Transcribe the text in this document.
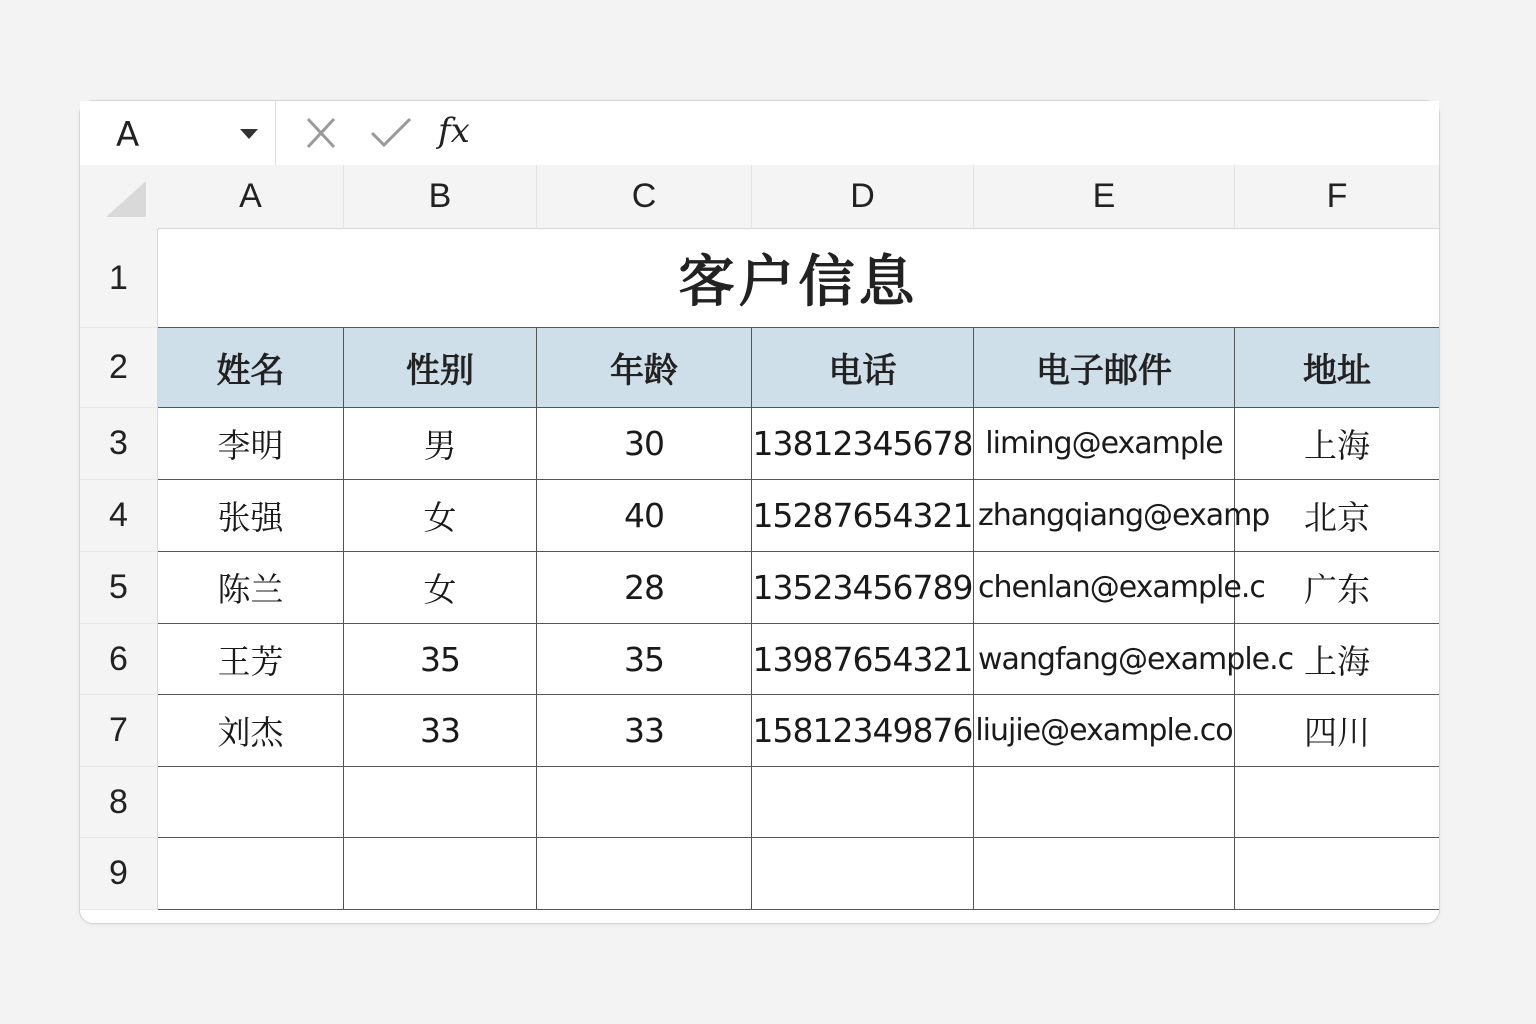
A	fx
A	B	C	D	E	F
1
2
3
4
5
6
7
8
9
客户信息
姓名	性别	年龄	电话	电子邮件	地址
李明	男	30	13812345678 liming@example	上海
张强	女	40	15287654321 zhangqiang@examp	北京
陈兰	女	28	13523456789 chenlan@example.c	广东
王芳	35	35	13987654321 wangfang@example.c 上海
刘杰	33	33	15812349876 liujie@example.co	四川
